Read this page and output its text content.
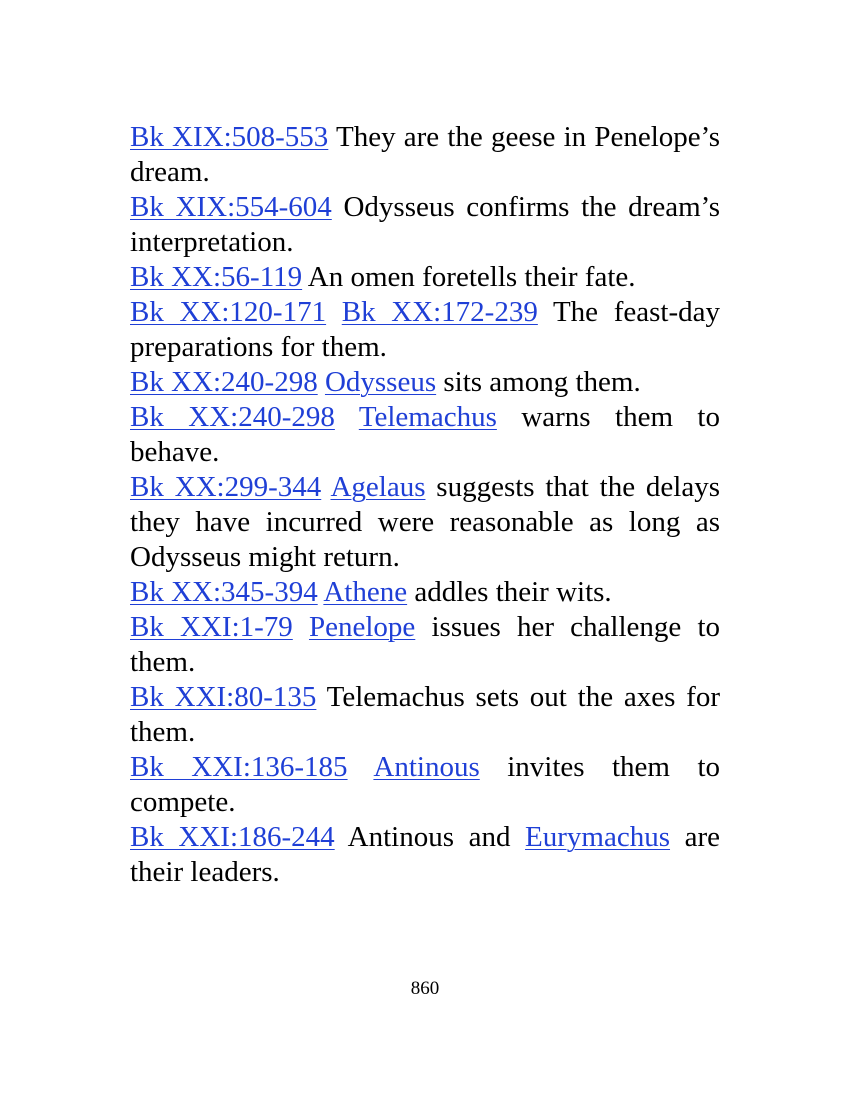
Bk XIX:508-553 They are the geese in Penelope’s dream.

Bk XIX:554-604 Odysseus confirms the dream’s interpretation.

Bk XX:56-119 An omen foretells their fate.

Bk XX:120-171 Bk XX:172-239 The feast-day preparations for them.

Bk XX:240-298 Odysseus sits among them.

Bk XX:240-298 Telemachus warns them to behave.

Bk XX:299-344 Agelaus suggests that the delays they have incurred were reasonable as long as Odysseus might return.

Bk XX:345-394 Athene addles their wits.

Bk XXI:1-79 Penelope issues her challenge to them.

Bk XXI:80-135 Telemachus sets out the axes for them.

Bk XXI:136-185 Antinous invites them to compete.

Bk XXI:186-244 Antinous and Eurymachus are their leaders.

860
